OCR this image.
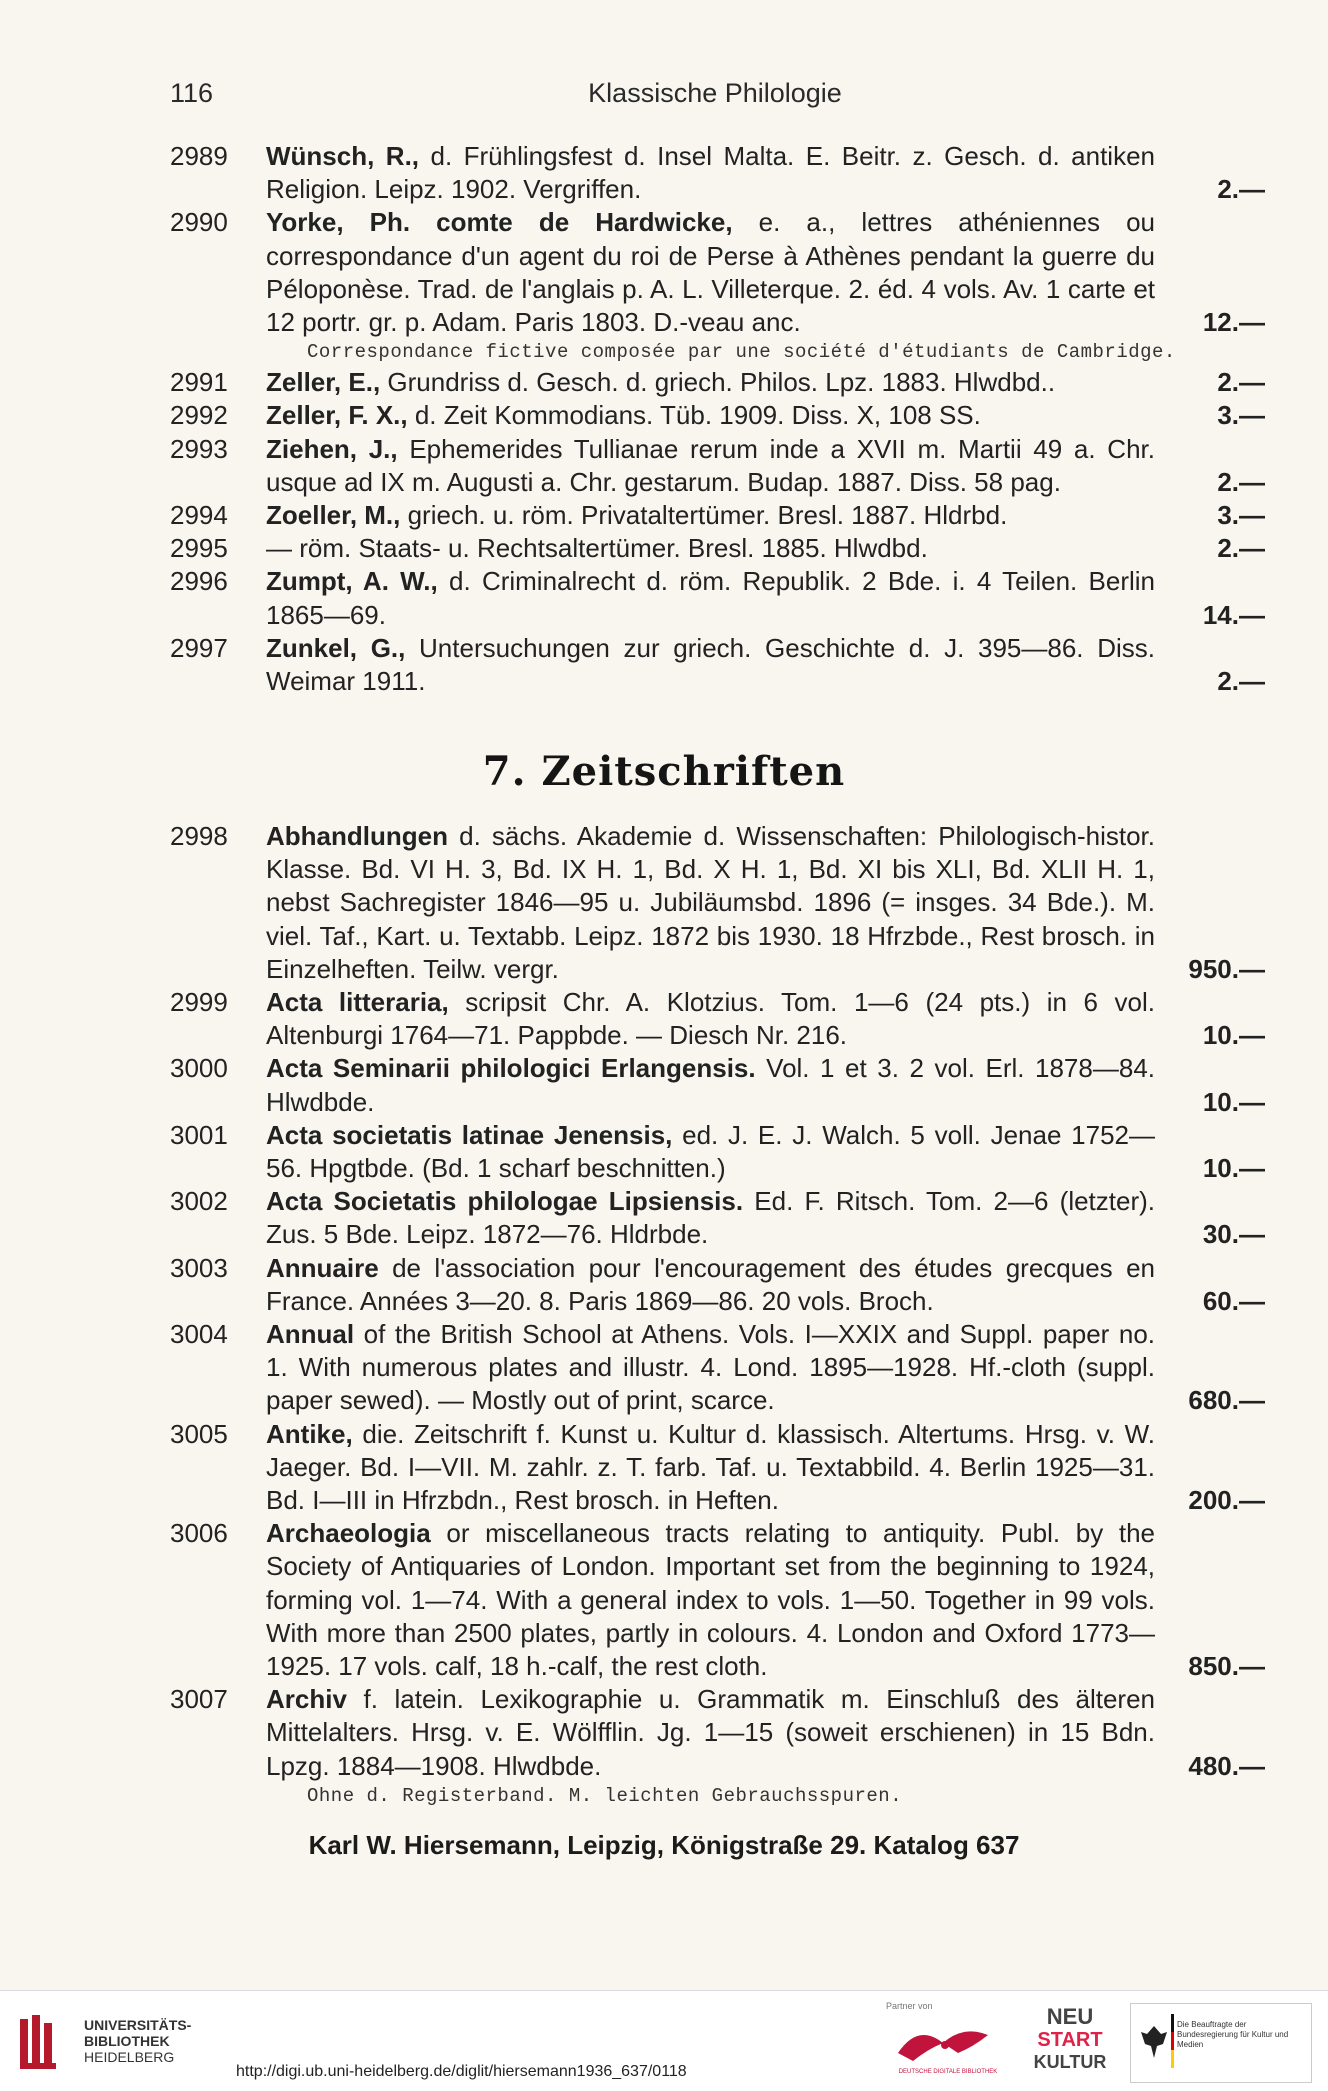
116	Klassische Philologie
2989 Wünsch, R., d. Frühlingsfest d. Insel Malta. E. Beitr. z. Gesch. d. antiken Religion. Leipz. 1902. Vergriffen.	2.—
2990 Yorke, Ph. comte de Hardwicke, e. a., lettres athéniennes ou correspondance d'un agent du roi de Perse à Athènes pendant la guerre du Péloponèse. Trad. de l'anglais p. A. L. Villeterque. 2. éd. 4 vols. Av. 1 carte et 12 portr. gr. p. Adam. Paris 1803. D.-veau anc.	12.—
Correspondance fictive composée par une société d'étudiants de Cambridge.
2991 Zeller, E., Grundriss d. Gesch. d. griech. Philos. Lpz. 1883. Hlwdbd..	2.—
2992 Zeller, F. X., d. Zeit Kommodians. Tüb. 1909. Diss. X, 108 SS.	3.—
2993 Ziehen, J., Ephemerides Tullianae rerum inde a XVII m. Martii 49 a. Chr. usque ad IX m. Augusti a. Chr. gestarum. Budap. 1887. Diss. 58 pag.	2.—
2994 Zoeller, M., griech. u. röm. Privataltertümer. Bresl. 1887. Hldrbd.	3.—
2995 — röm. Staats- u. Rechtsaltertümer. Bresl. 1885. Hlwdbd.	2.—
2996 Zumpt, A. W., d. Criminalrecht d. röm. Republik. 2 Bde. i. 4 Teilen. Berlin 1865—69.	14.—
2997 Zunkel, G., Untersuchungen zur griech. Geschichte d. J. 395—86. Diss. Weimar 1911.	2.—
7. Zeitschriften
2998 Abhandlungen d. sächs. Akademie d. Wissenschaften: Philologisch-histor. Klasse. Bd. VI H. 3, Bd. IX H. 1, Bd. X H. 1, Bd. XI bis XLI, Bd. XLII H. 1, nebst Sachregister 1846—95 u. Jubiläumsbd. 1896 (= insges. 34 Bde.). M. viel. Taf., Kart. u. Textabb. Leipz. 1872 bis 1930. 18 Hfrzbde., Rest brosch. in Einzelheften. Teilw. vergr.	950.—
2999 Acta litteraria, scripsit Chr. A. Klotzius. Tom. 1—6 (24 pts.) in 6 vol. Altenburgi 1764—71. Pappbde. — Diesch Nr. 216.	10.—
3000 Acta Seminarii philologici Erlangensis. Vol. 1 et 3. 2 vol. Erl. 1878—84. Hlwdbde.	10.—
3001 Acta societatis latinae Jenensis, ed. J. E. J. Walch. 5 voll. Jenae 1752—56. Hpgtbde. (Bd. 1 scharf beschnitten.)	10.—
3002 Acta Societatis philologae Lipsiensis. Ed. F. Ritsch. Tom. 2—6 (letzter). Zus. 5 Bde. Leipz. 1872—76. Hldrbde.	30.—
3003 Annuaire de l'association pour l'encouragement des études grecques en France. Années 3—20. 8. Paris 1869—86. 20 vols. Broch.	60.—
3004 Annual of the British School at Athens. Vols. I—XXIX and Suppl. paper no. 1. With numerous plates and illustr. 4. Lond. 1895—1928. Hf.-cloth (suppl. paper sewed). — Mostly out of print, scarce.	680.—
3005 Antike, die. Zeitschrift f. Kunst u. Kultur d. klassisch. Altertums. Hrsg. v. W. Jaeger. Bd. I—VII. M. zahlr. z. T. farb. Taf. u. Textabbild. 4. Berlin 1925—31. Bd. I—III in Hfrzbdn., Rest brosch. in Heften.	200.—
3006 Archaeologia or miscellaneous tracts relating to antiquity. Publ. by the Society of Antiquaries of London. Important set from the beginning to 1924, forming vol. 1—74. With a general index to vols. 1—50. Together in 99 vols. With more than 2500 plates, partly in colours. 4. London and Oxford 1773—1925. 17 vols. calf, 18 h.-calf, the rest cloth.	850.—
3007 Archiv f. latein. Lexikographie u. Grammatik m. Einschluß des älteren Mittelalters. Hrsg. v. E. Wölfflin. Jg. 1—15 (soweit erschienen) in 15 Bdn. Lpzg. 1884—1908. Hlwdbde.	480.—
Ohne d. Registerband. M. leichten Gebrauchsspuren.
Karl W. Hiersemann, Leipzig, Königstraße 29. Katalog 637
UNIVERSITÄTS-
BIBLIOTHEK
HEIDELBERG
http://digi.ub.uni-heidelberg.de/diglit/hiersemann1936_637/0118
Partner von
DEUTSCHE DIGITALE BIBLIOTHEK
NEU
START
KULTUR
Die Beauftragte der Bundesregierung für Kultur und Medien
